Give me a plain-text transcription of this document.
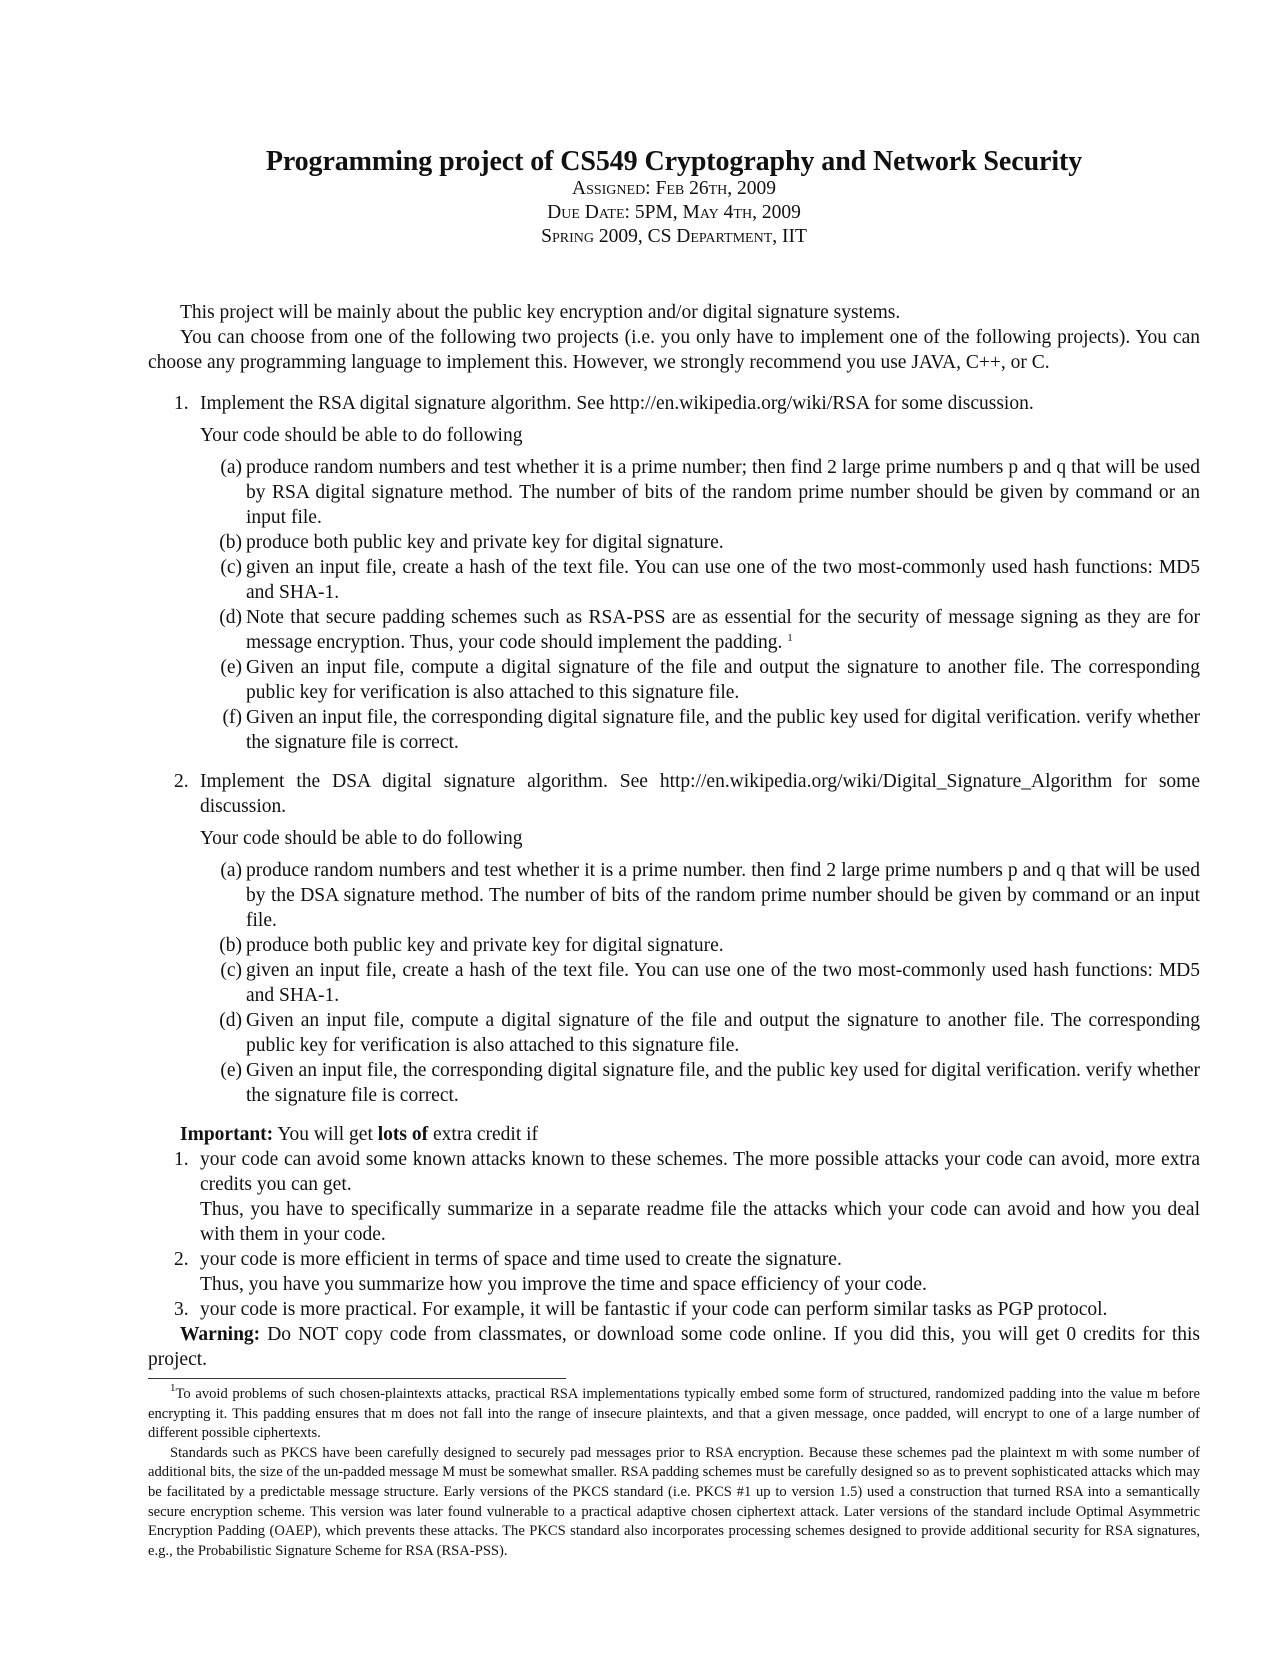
Programming project of CS549 Cryptography and Network Security
Assigned: Feb 26th, 2009
Due Date: 5PM, May 4th, 2009
Spring 2009, CS Department, IIT

This project will be mainly about the public key encryption and/or digital signature systems.

You can choose from one of the following two projects (i.e. you only have to implement one of the following projects). You can choose any programming language to implement this. However, we strongly recommend you use JAVA, C++, or C.

1. Implement the RSA digital signature algorithm. See http://en.wikipedia.org/wiki/RSA for some discussion.

Your code should be able to do following

(a) produce random numbers and test whether it is a prime number; then find 2 large prime numbers p and q that will be used by RSA digital signature method. The number of bits of the random prime number should be given by command or an input file.

(b) produce both public key and private key for digital signature.

(c) given an input file, create a hash of the text file. You can use one of the two most-commonly used hash functions: MD5 and SHA-1.

(d) Note that secure padding schemes such as RSA-PSS are as essential for the security of message signing as they are for message encryption. Thus, your code should implement the padding. $^1$

(e) Given an input file, compute a digital signature of the file and output the signature to another file. The corresponding public key for verification is also attached to this signature file.

(f) Given an input file, the corresponding digital signature file, and the public key used for digital verification. verify whether the signature file is correct.

2. Implement the DSA digital signature algorithm. See http://en.wikipedia.org/wiki/Digital_Signature_Algorithm for some discussion.

Your code should be able to do following

(a) produce random numbers and test whether it is a prime number. then find 2 large prime numbers p and q that will be used by the DSA signature method. The number of bits of the random prime number should be given by command or an input file.

(b) produce both public key and private key for digital signature.

(c) given an input file, create a hash of the text file. You can use one of the two most-commonly used hash functions: MD5 and SHA-1.

(d) Given an input file, compute a digital signature of the file and output the signature to another file. The corresponding public key for verification is also attached to this signature file.

(e) Given an input file, the corresponding digital signature file, and the public key used for digital verification. verify whether the signature file is correct.

Important: You will get lots of extra credit if

1. your code can avoid some known attacks known to these schemes. The more possible attacks your code can avoid, more extra credits you can get.

Thus, you have to specifically summarize in a separate readme file the attacks which your code can avoid and how you deal with them in your code.

2. your code is more efficient in terms of space and time used to create the signature.

Thus, you have you summarize how you improve the time and space efficiency of your code.

3. your code is more practical. For example, it will be fantastic if your code can perform similar tasks as PGP protocol.

Warning: Do NOT copy code from classmates, or download some code online. If you did this, you will get 0 credits for this project.

$^1$To avoid problems of such chosen-plaintexts attacks, practical RSA implementations typically embed some form of structured, randomized padding into the value m before encrypting it. This padding ensures that m does not fall into the range of insecure plaintexts, and that a given message, once padded, will encrypt to one of a large number of different possible ciphertexts.

Standards such as PKCS have been carefully designed to securely pad messages prior to RSA encryption. Because these schemes pad the plaintext m with some number of additional bits, the size of the un-padded message M must be somewhat smaller. RSA padding schemes must be carefully designed so as to prevent sophisticated attacks which may be facilitated by a predictable message structure. Early versions of the PKCS standard (i.e. PKCS #1 up to version 1.5) used a construction that turned RSA into a semantically secure encryption scheme. This version was later found vulnerable to a practical adaptive chosen ciphertext attack. Later versions of the standard include Optimal Asymmetric Encryption Padding (OAEP), which prevents these attacks. The PKCS standard also incorporates processing schemes designed to provide additional security for RSA signatures, e.g., the Probabilistic Signature Scheme for RSA (RSA-PSS).
